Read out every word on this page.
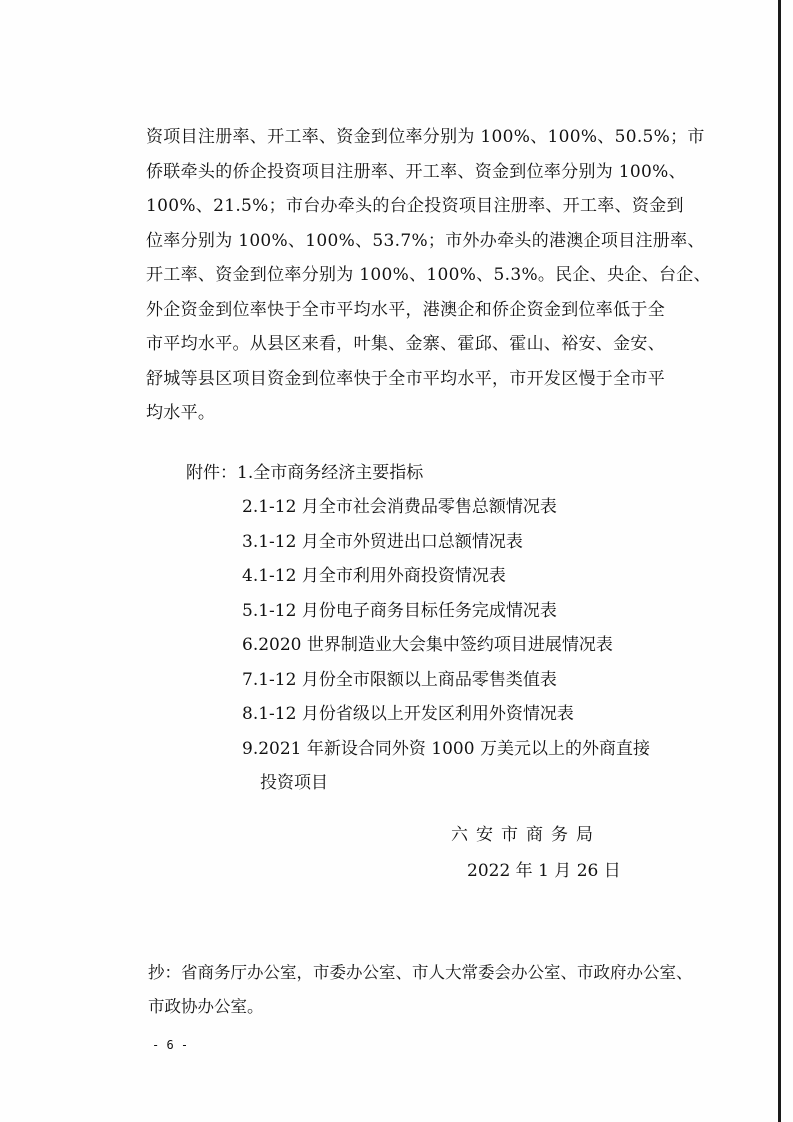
资项目注册率、开工率、资金到位率分别为 100%、100%、50.5%；市
侨联牵头的侨企投资项目注册率、开工率、资金到位率分别为 100%、
100%、21.5%；市台办牵头的台企投资项目注册率、开工率、资金到
位率分别为 100%、100%、53.7%；市外办牵头的港澳企项目注册率、
开工率、资金到位率分别为 100%、100%、5.3%。民企、央企、台企、
外企资金到位率快于全市平均水平，港澳企和侨企资金到位率低于全
市平均水平。从县区来看，叶集、金寨、霍邱、霍山、裕安、金安、
舒城等县区项目资金到位率快于全市平均水平，市开发区慢于全市平
均水平。

附件：1.全市商务经济主要指标
2.1-12 月全市社会消费品零售总额情况表
3.1-12 月全市外贸进出口总额情况表
4.1-12 月全市利用外商投资情况表
5.1-12 月份电子商务目标任务完成情况表
6.2020 世界制造业大会集中签约项目进展情况表
7.1-12 月份全市限额以上商品零售类值表
8.1-12 月份省级以上开发区利用外资情况表
9.2021 年新设合同外资 1000 万美元以上的外商直接
投资项目
六安市商务局
2022 年 1 月 26 日
抄：省商务厅办公室，市委办公室、市人大常委会办公室、市政府办公室、
市政协办公室。
- 6 -
